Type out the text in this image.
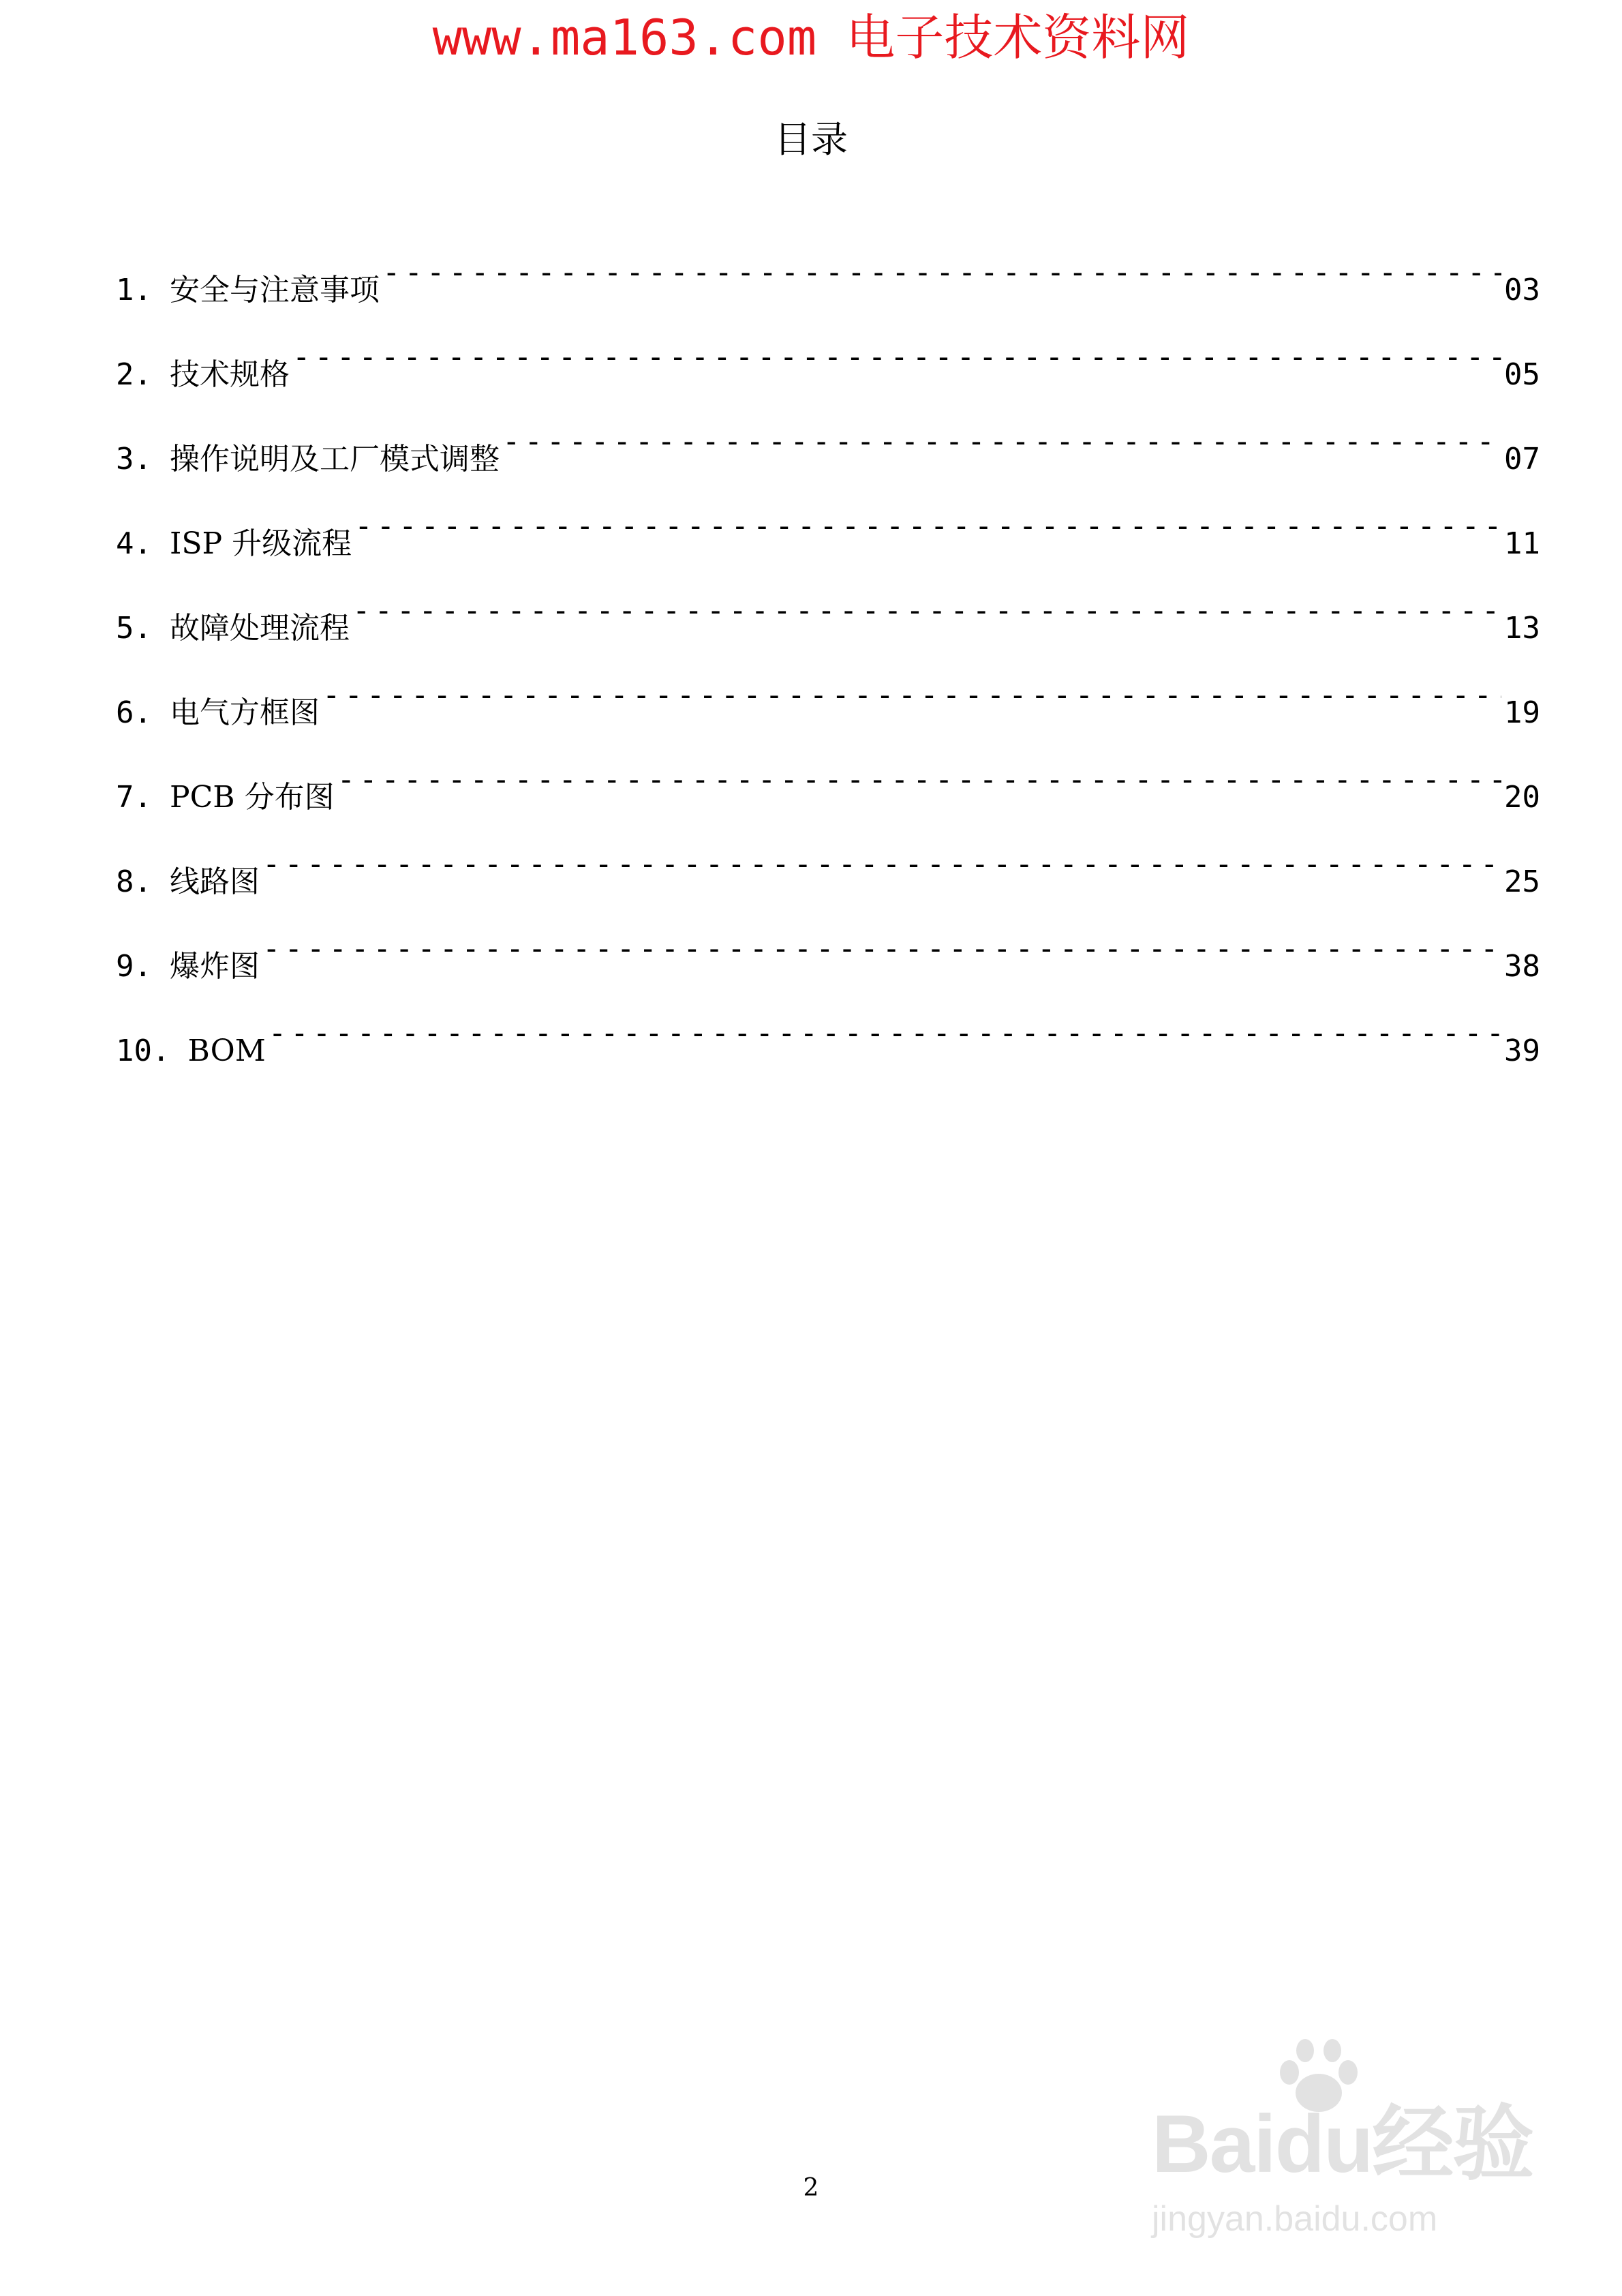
www.ma163.com 电子技术资料网
目录
1. 安全与注意事项 -----	03
2. 技术规格 -----	05
3. 操作说明及工厂模式调整 -----	07
4. ISP 升级流程 -----	11
5. 故障处理流程 -----	13
6. 电气方框图 -----	19
7. PCB 分布图 -----	20
8. 线路图 -----	25
9. 爆炸图 -----	38
10. BOM -----	39
2	Baidu经验
jingyan.baidu.com
